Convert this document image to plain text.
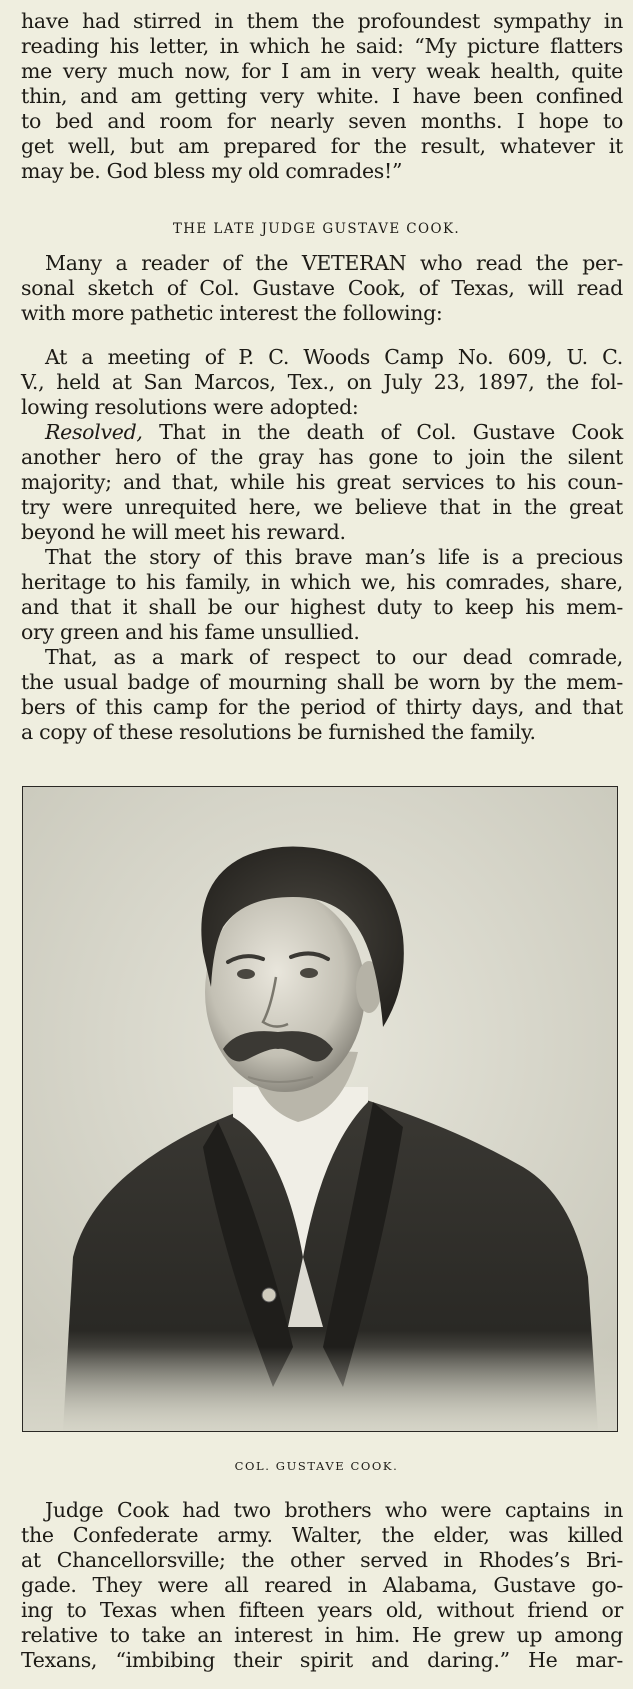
have had stirred in them the profoundest sympathy in
reading his letter, in which he said: “My picture flatters
me very much now, for I am in very weak health, quite
thin, and am getting very white. I have been confined
to bed and room for nearly seven months. I hope to
get well, but am prepared for the result, whatever it
may be. God bless my old comrades!”
THE LATE JUDGE GUSTAVE COOK.
Many a reader of the VETERAN who read the per-
sonal sketch of Col. Gustave Cook, of Texas, will read
with more pathetic interest the following:
At a meeting of P. C. Woods Camp No. 609, U. C.
V., held at San Marcos, Tex., on July 23, 1897, the fol-
lowing resolutions were adopted:
Resolved, That in the death of Col. Gustave Cook
another hero of the gray has gone to join the silent
majority; and that, while his great services to his coun-
try were unrequited here, we believe that in the great
beyond he will meet his reward.
That the story of this brave man’s life is a precious
heritage to his family, in which we, his comrades, share,
and that it shall be our highest duty to keep his mem-
ory green and his fame unsullied.
That, as a mark of respect to our dead comrade,
the usual badge of mourning shall be worn by the mem-
bers of this camp for the period of thirty days, and that
a copy of these resolutions be furnished the family.
COL. GUSTAVE COOK.
Judge Cook had two brothers who were captains in
the Confederate army. Walter, the elder, was killed
at Chancellorsville; the other served in Rhodes’s Bri-
gade. They were all reared in Alabama, Gustave go-
ing to Texas when fifteen years old, without friend or
relative to take an interest in him. He grew up among
Texans, “imbibing their spirit and daring.” He mar-
